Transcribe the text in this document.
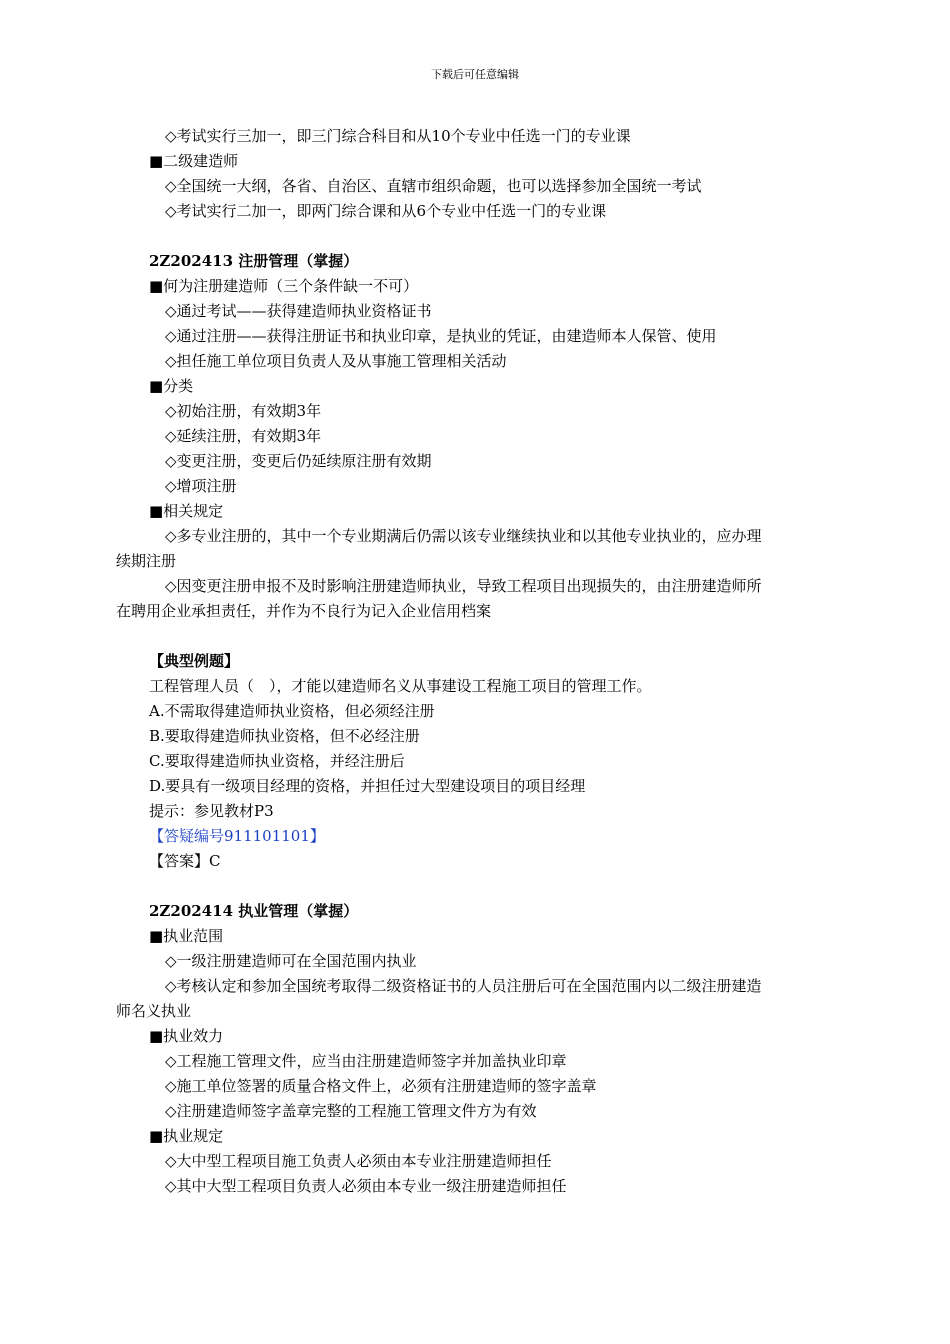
下载后可任意编辑
◇考试实行三加一，即三门综合科目和从10个专业中任选一门的专业课
■二级建造师
◇全国统一大纲，各省、自治区、直辖市组织命题，也可以选择参加全国统一考试
◇考试实行二加一，即两门综合课和从6个专业中任选一门的专业课
2Z202413 注册管理（掌握）
■何为注册建造师（三个条件缺一不可）
◇通过考试——获得建造师执业资格证书
◇通过注册——获得注册证书和执业印章，是执业的凭证，由建造师本人保管、使用
◇担任施工单位项目负责人及从事施工管理相关活动
■分类
◇初始注册，有效期3年
◇延续注册，有效期3年
◇变更注册，变更后仍延续原注册有效期
◇增项注册
■相关规定
◇多专业注册的，其中一个专业期满后仍需以该专业继续执业和以其他专业执业的，应办理
续期注册
◇因变更注册申报不及时影响注册建造师执业，导致工程项目出现损失的，由注册建造师所
在聘用企业承担责任，并作为不良行为记入企业信用档案
【典型例题】
工程管理人员（　），才能以建造师名义从事建设工程施工项目的管理工作。
A.不需取得建造师执业资格，但必须经注册
B.要取得建造师执业资格，但不必经注册
C.要取得建造师执业资格，并经注册后
D.要具有一级项目经理的资格，并担任过大型建设项目的项目经理
提示：参见教材P3
【答疑编号911101101】
【答案】C
2Z202414 执业管理（掌握）
■执业范围
◇一级注册建造师可在全国范围内执业
◇考核认定和参加全国统考取得二级资格证书的人员注册后可在全国范围内以二级注册建造
师名义执业
■执业效力
◇工程施工管理文件，应当由注册建造师签字并加盖执业印章
◇施工单位签署的质量合格文件上，必须有注册建造师的签字盖章
◇注册建造师签字盖章完整的工程施工管理文件方为有效
■执业规定
◇大中型工程项目施工负责人必须由本专业注册建造师担任
◇其中大型工程项目负责人必须由本专业一级注册建造师担任
